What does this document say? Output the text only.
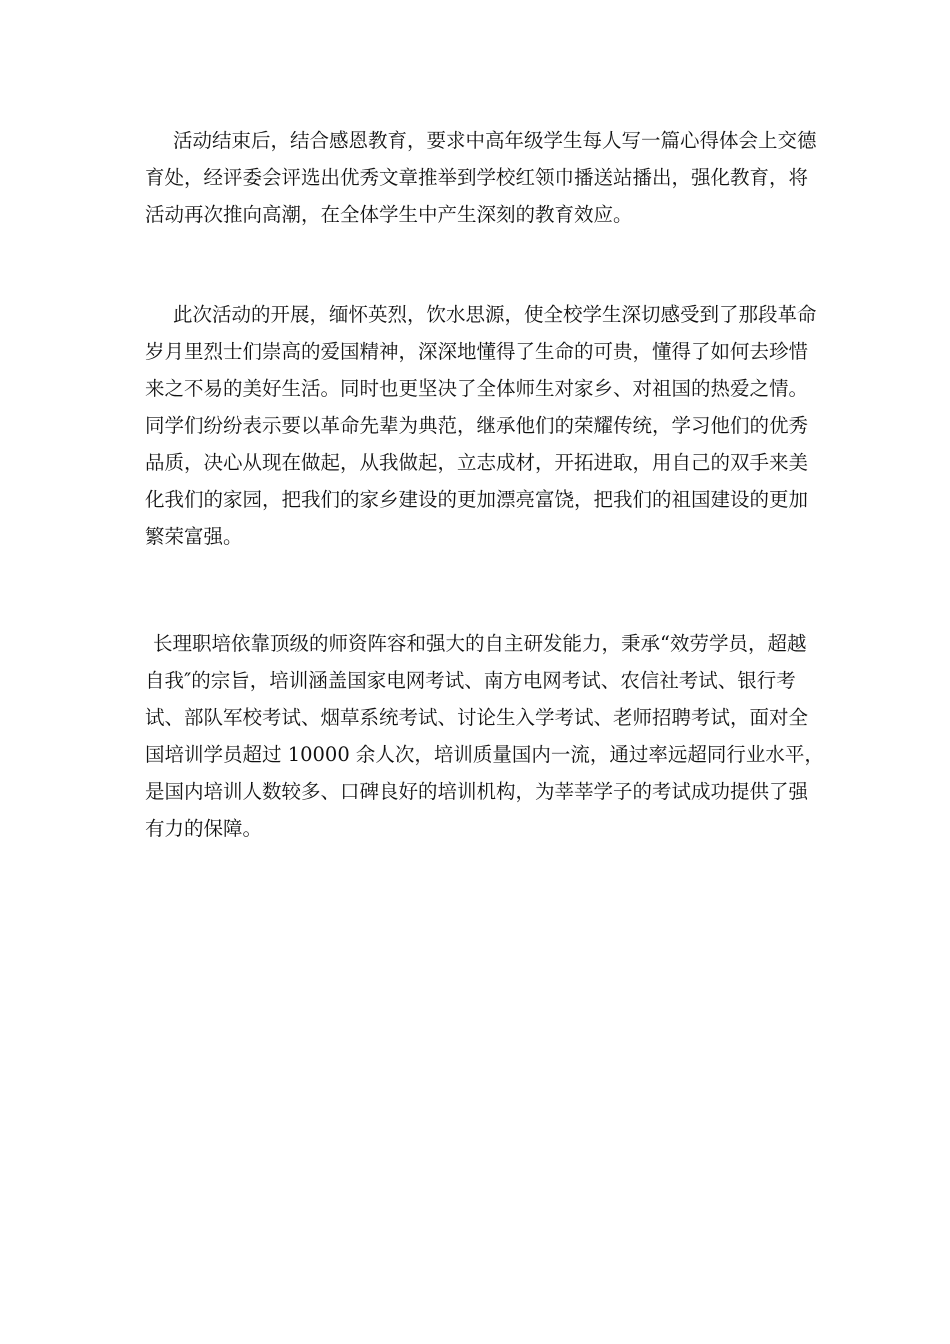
活动结束后，结合感恩教育，要求中高年级学生每人写一篇心得体会上交德
育处，经评委会评选出优秀文章推举到学校红领巾播送站播出，强化教育，将
活动再次推向高潮，在全体学生中产生深刻的教育效应。

此次活动的开展，缅怀英烈，饮水思源，使全校学生深切感受到了那段革命
岁月里烈士们崇高的爱国精神，深深地懂得了生命的可贵，懂得了如何去珍惜
来之不易的美好生活。同时也更坚决了全体师生对家乡、对祖国的热爱之情。
同学们纷纷表示要以革命先辈为典范，继承他们的荣耀传统，学习他们的优秀
品质，决心从现在做起，从我做起，立志成材，开拓进取，用自己的双手来美
化我们的家园，把我们的家乡建设的更加漂亮富饶，把我们的祖国建设的更加
繁荣富强。

长理职培依靠顶级的师资阵容和强大的自主研发能力，秉承“效劳学员，超越
自我″的宗旨，培训涵盖国家电网考试、南方电网考试、农信社考试、银行考
试、部队军校考试、烟草系统考试、讨论生入学考试、老师招聘考试，面对全
国培训学员超过 10000 余人次，培训质量国内一流，通过率远超同行业水平，
是国内培训人数较多、口碑良好的培训机构，为莘莘学子的考试成功提供了强
有力的保障。
